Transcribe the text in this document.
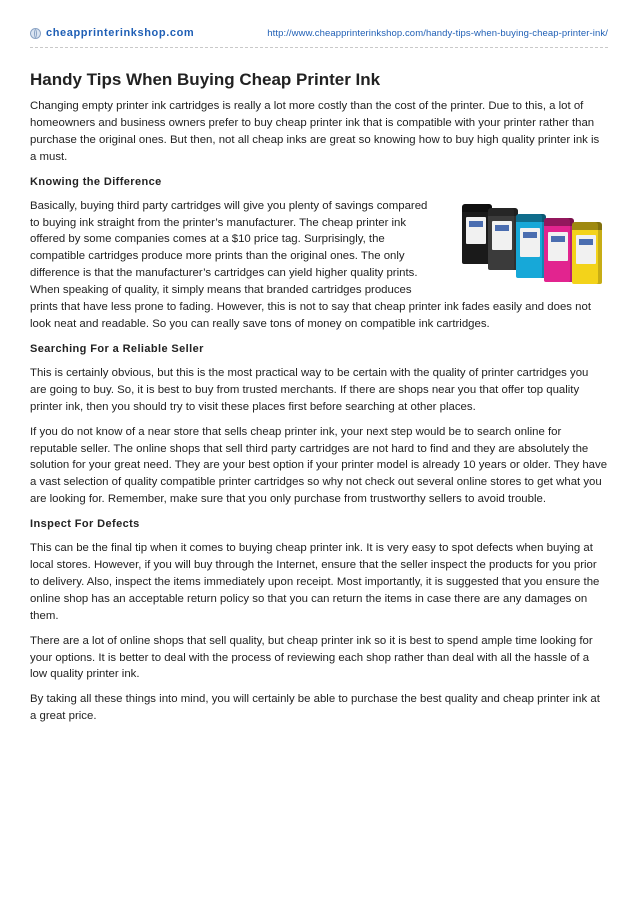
cheapprinterinkshop.com	http://www.cheapprinterinkshop.com/handy-tips-when-buying-cheap-printer-ink/
Handy Tips When Buying Cheap Printer Ink

Changing empty printer ink cartridges is really a lot more costly than the cost of the printer. Due to this, a lot of homeowners and business owners prefer to buy cheap printer ink that is compatible with your printer rather than purchase the original ones. But then, not all cheap inks are great so knowing how to buy high quality printer ink is a must.

Knowing the Difference

Basically, buying third party cartridges will give you plenty of savings compared to buying ink straight from the printer’s manufacturer. The cheap printer ink offered by some companies comes at a $10 price tag. Surprisingly, the compatible cartridges produce more prints than the original ones. The only difference is that the manufacturer’s cartridges can yield higher quality prints. When speaking of quality, it simply means that branded cartridges produces prints that have less prone to fading. However, this is not to say that cheap printer ink fades easily and does not look neat and readable. So you can really save tons of money on compatible ink cartridges.

Searching For a Reliable Seller

This is certainly obvious, but this is the most practical way to be certain with the quality of printer cartridges you are going to buy. So, it is best to buy from trusted merchants. If there are shops near you that offer top quality printer ink, then you should try to visit these places first before searching at other places.

If you do not know of a near store that sells cheap printer ink, your next step would be to search online for reputable seller. The online shops that sell third party cartridges are not hard to find and they are absolutely the solution for your great need. They are your best option if your printer model is already 10 years or older. They have a vast selection of quality compatible printer cartridges so why not check out several online stores to get what you are looking for. Remember, make sure that you only purchase from trustworthy sellers to avoid trouble.

Inspect For Defects

This can be the final tip when it comes to buying cheap printer ink. It is very easy to spot defects when buying at local stores. However, if you will buy through the Internet, ensure that the seller inspect the products for you prior to delivery. Also, inspect the items immediately upon receipt. Most importantly, it is suggested that you ensure the online shop has an acceptable return policy so that you can return the items in case there are any damages on them.

There are a lot of online shops that sell quality, but cheap printer ink so it is best to spend ample time looking for your options. It is better to deal with the process of reviewing each shop rather than deal with all the hassle of a low quality printer ink.

By taking all these things into mind, you will certainly be able to purchase the best quality and cheap printer ink at a great price.
